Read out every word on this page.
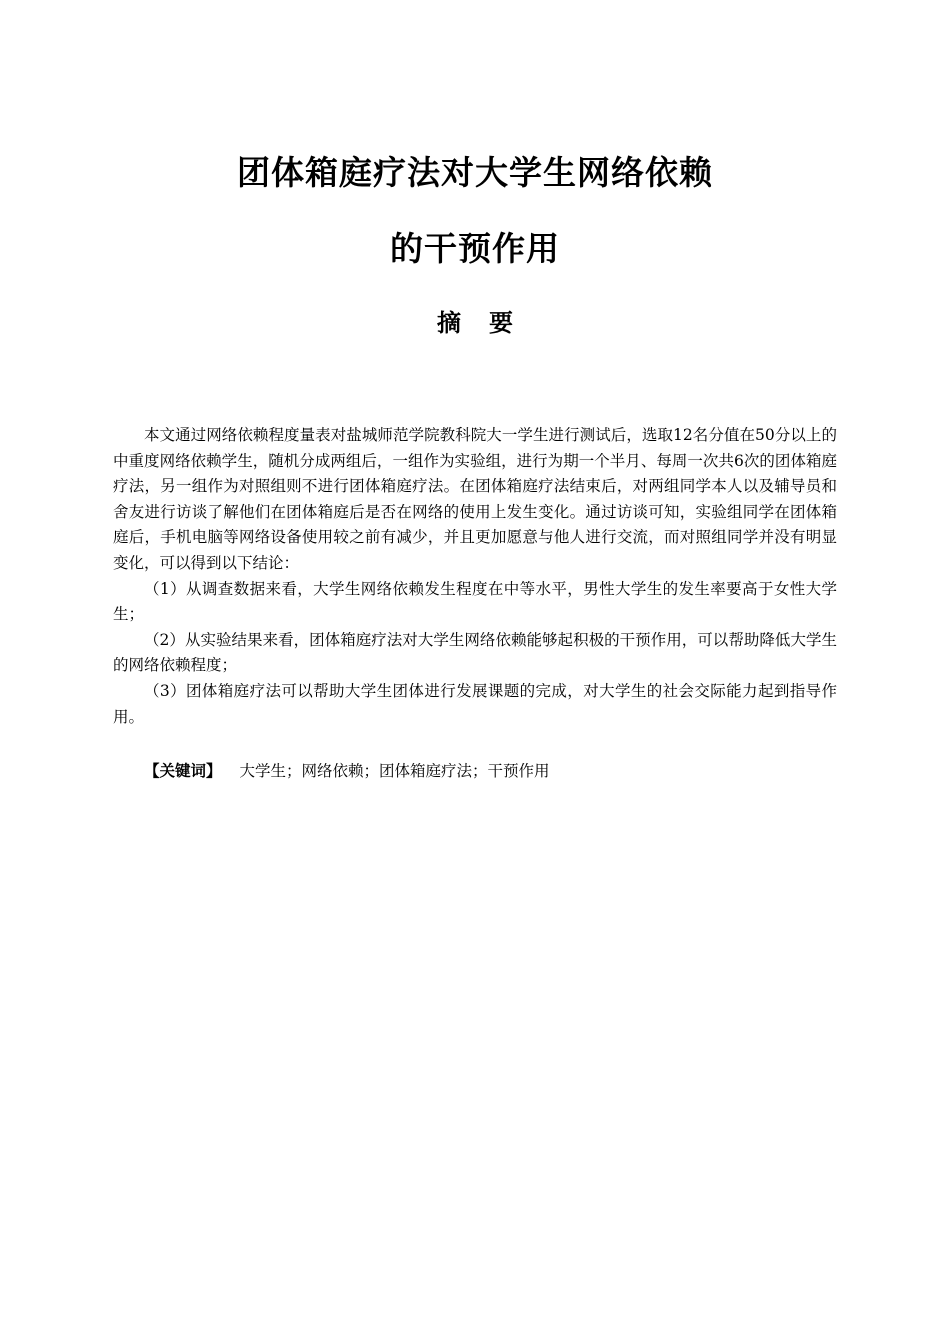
团体箱庭疗法对大学生网络依赖
的干预作用
摘要

本文通过网络依赖程度量表对盐城师范学院教科院大一学生进行测试后，选取12名分值在50分以上的中重度网络依赖学生，随机分成两组后，一组作为实验组，进行为期一个半月、每周一次共6次的团体箱庭疗法，另一组作为对照组则不进行团体箱庭疗法。在团体箱庭疗法结束后，对两组同学本人以及辅导员和舍友进行访谈了解他们在团体箱庭后是否在网络的使用上发生变化。通过访谈可知，实验组同学在团体箱庭后，手机电脑等网络设备使用较之前有减少，并且更加愿意与他人进行交流，而对照组同学并没有明显变化，可以得到以下结论：

（1）从调查数据来看，大学生网络依赖发生程度在中等水平，男性大学生的发生率要高于女性大学生；

（2）从实验结果来看，团体箱庭疗法对大学生网络依赖能够起积极的干预作用，可以帮助降低大学生的网络依赖程度；

（3）团体箱庭疗法可以帮助大学生团体进行发展课题的完成，对大学生的社会交际能力起到指导作用。

【关键词】 大学生；网络依赖；团体箱庭疗法；干预作用
